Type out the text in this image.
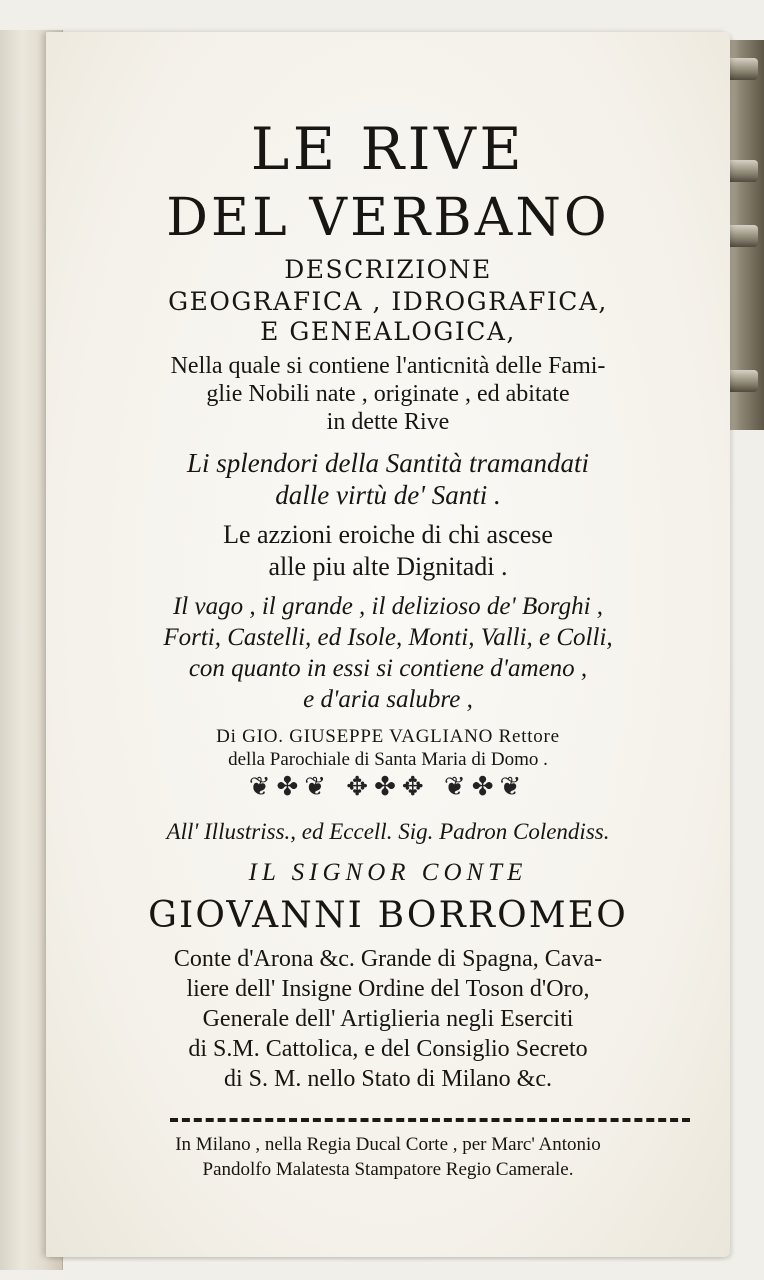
LE RIVE
DEL VERBANO
DESCRIZIONE
GEOGRAFICA , IDROGRAFICA,
E GENEALOGICA,
Nella quale si contiene l'anticnità delle Fami-
glie Nobili nate , originate , ed abitate
in dette Rive
Li splendori della Santità tramandati
dalle virtù de' Santi .
Le azzioni eroiche di chi ascese
alle piu alte Dignitadi .
Il vago , il grande , il delizioso de' Borghi ,
Forti, Castelli, ed Isole, Monti, Valli, e Colli,
con quanto in essi si contiene d'ameno ,
e d'aria salubre ,
Di GIO. GIUSEPPE VAGLIANO Rettore
della Parochiale di Santa Maria di Domo .
❦✤❦ ✥✤✥ ❦✤❦
All' Illustriss., ed Eccell. Sig. Padron Colendiss.
IL SIGNOR CONTE
GIOVANNI BORROMEO
Conte d'Arona &c. Grande di Spagna, Cava-
liere dell' Insigne Ordine del Toson d'Oro,
Generale dell' Artiglieria negli Eserciti
di S.M. Cattolica, e del Consiglio Secreto
di S. M. nello Stato di Milano &c.
In Milano , nella Regia Ducal Corte , per Marc' Antonio
Pandolfo Malatesta Stampatore Regio Camerale.
